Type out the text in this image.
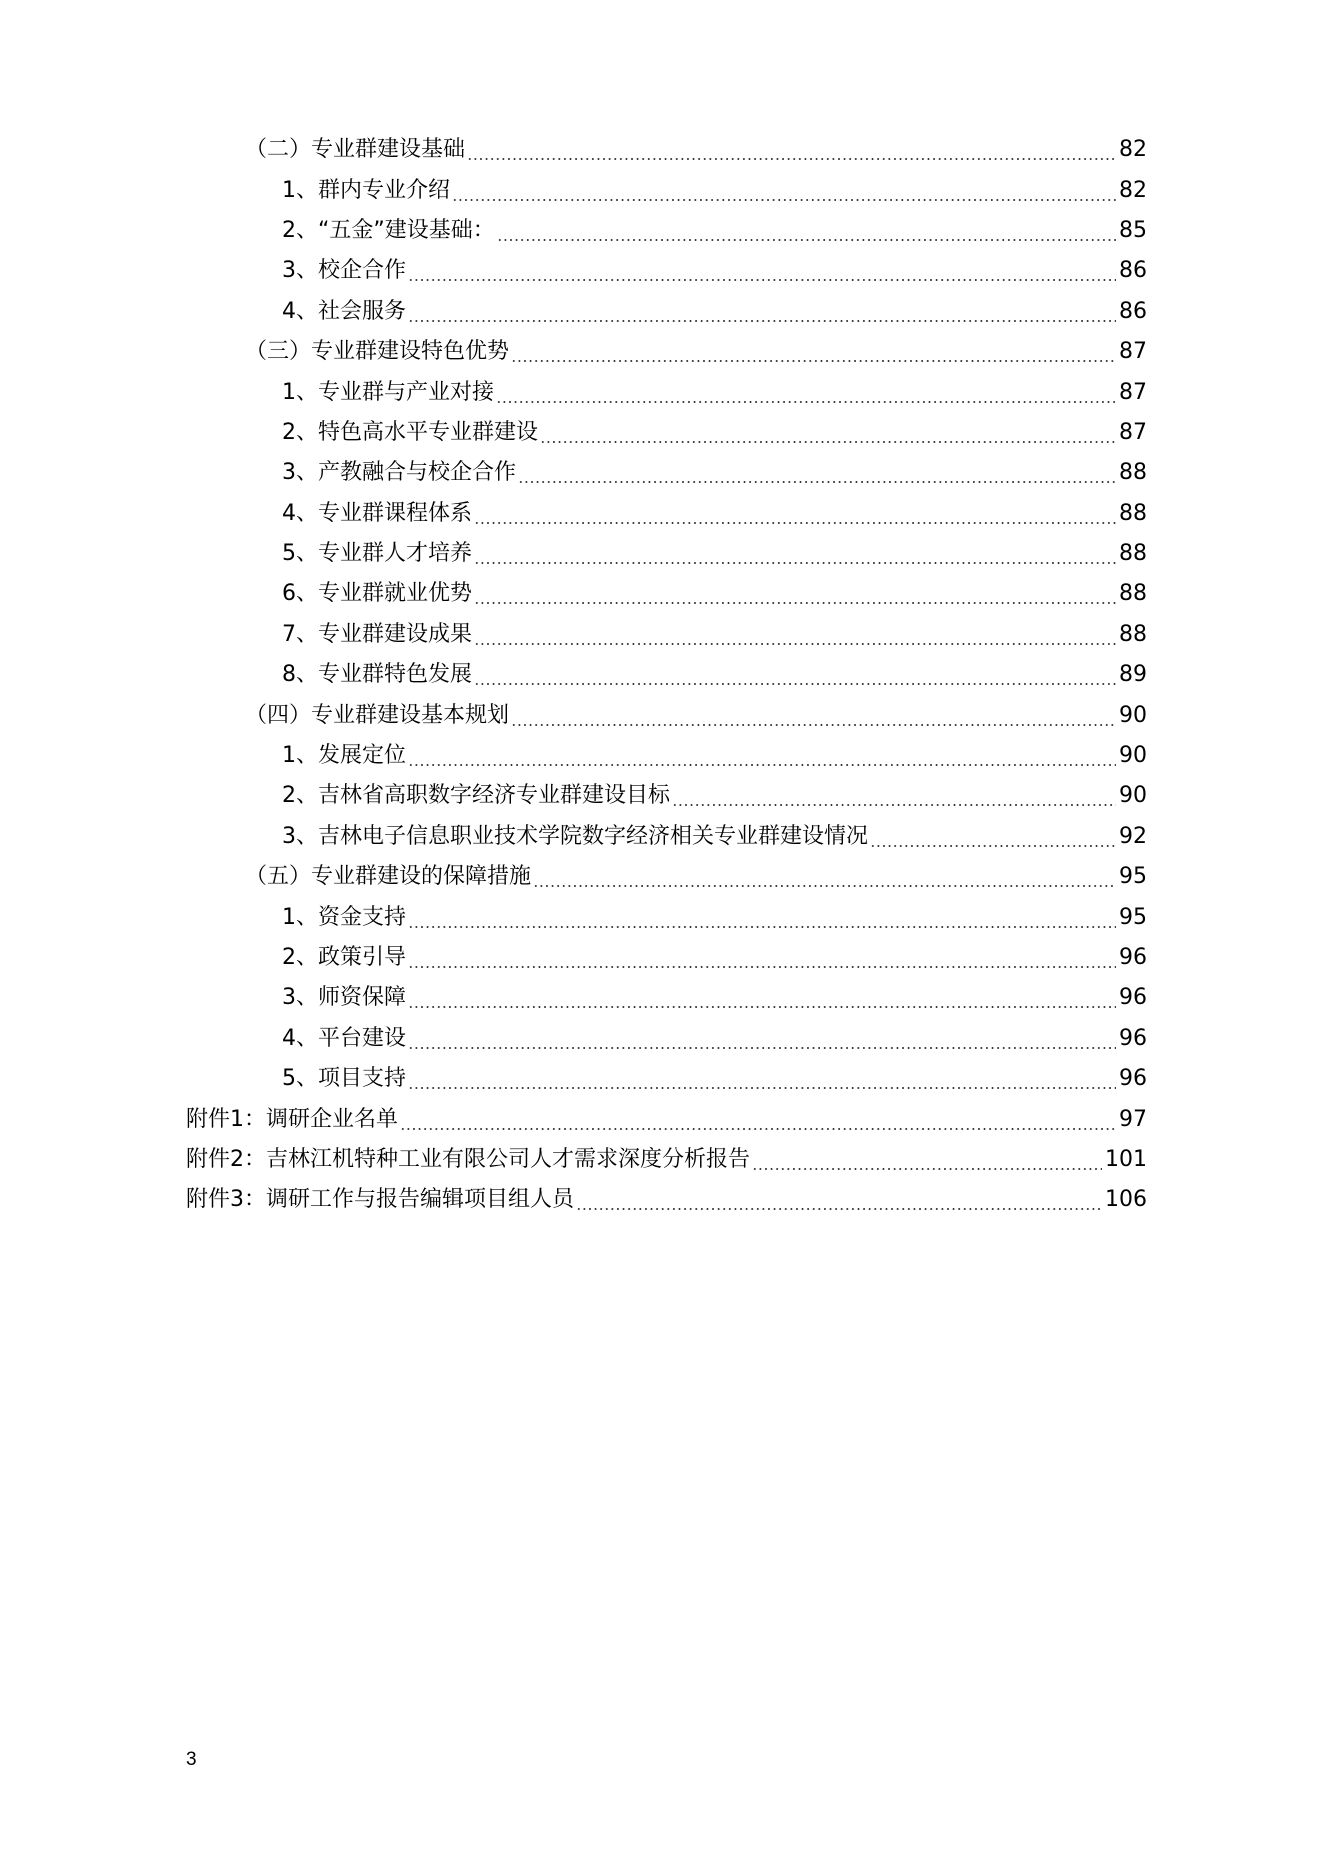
（二）专业群建设基础	82
1、群内专业介绍	82
2、“五金”建设基础：	85
3、校企合作	86
4、社会服务	86
（三）专业群建设特色优势	87
1、专业群与产业对接	87
2、特色高水平专业群建设	87
3、产教融合与校企合作	88
4、专业群课程体系	88
5、专业群人才培养	88
6、专业群就业优势	88
7、专业群建设成果	88
8、专业群特色发展	89
（四）专业群建设基本规划	90
1、发展定位	90
2、吉林省高职数字经济专业群建设目标	90
3、吉林电子信息职业技术学院数字经济相关专业群建设情况	92
（五）专业群建设的保障措施	95
1、资金支持	95
2、政策引导	96
3、师资保障	96
4、平台建设	96
5、项目支持	96
附件1：调研企业名单	97
附件2：吉林江机特种工业有限公司人才需求深度分析报告	101
附件3：调研工作与报告编辑项目组人员	106
3
